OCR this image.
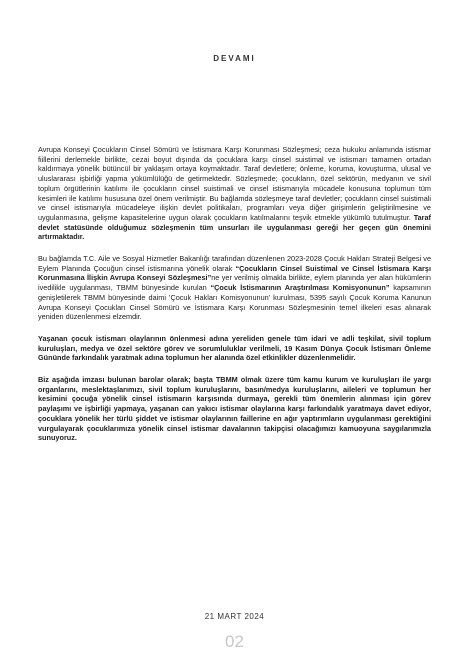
DEVAMI

Avrupa Konseyi Çocukların Cinsel Sömürü ve İstismara Karşı Korunması Sözleşmesi; ceza hukuku anlamında istismar fiillerini derlemekle birlikte, cezai boyut dışında da çocuklara karşı cinsel suistimal ve istismarı tamamen ortadan kaldırmaya yönelik bütüncül bir yaklaşım ortaya koymaktadır. Taraf devletlere; önleme, koruma, kovuşturma, ulusal ve uluslararası işbirliği yapma yükümlülüğü de getirmektedir. Sözleşmede; çocukların, özel sektörün, medyanın ve sivil toplum örgütlerinin katılımı ile çocukların cinsel suistimali ve cinsel istismarıyla mücadele konusuna toplumun tüm kesimleri ile katılımı hususuna özel önem verilmiştir. Bu bağlamda sözleşmeye taraf devletler; çocukların cinsel suistimali ve cinsel istismarıyla mücadeleye ilişkin devlet politikaları, programları veya diğer girişimlerin geliştirilmesine ve uygulanmasına, gelişme kapasitelerine uygun olarak çocukların katılmalarını teşvik etmekle yükümlü tutulmuştur. Taraf devlet statüsünde olduğumuz sözleşmenin tüm unsurları ile uygulanması gereği her geçen gün önemini artırmaktadır.

Bu bağlamda T.C. Aile ve Sosyal Hizmetler Bakanlığı tarafından düzenlenen 2023-2028 Çocuk Hakları Strateji Belgesi ve Eylem Planında Çocuğun cinsel istismarına yönelik olarak “Çocukların Cinsel Suistimal ve Cinsel İstismara Karşı Korunmasına İlişkin Avrupa Konseyi Sözleşmesi”ne yer verilmiş olmakla birlikte, eylem planında yer alan hükümlerin ivedilikle uygulanması, TBMM bünyesinde kurulan “Çocuk İstismarının Araştırılması Komisyonunun” kapsamının genişletilerek TBMM bünyesinde daimi 'Çocuk Hakları Komisyonunun' kurulması, 5395 sayılı Çocuk Koruma Kanunun Avrupa Konseyi Çocukları Cinsel Sömürü ve İstismara Karşı Korunması Sözleşmesinin temel ilkeleri esas alınarak yeniden düzenlenmesi elzemdir.

Yaşanan çocuk istismarı olaylarının önlenmesi adına yereliden genele tüm idari ve adli teşkilat, sivil toplum kuruluşları, medya ve özel sektöre görev ve sorumluluklar verilmeli, 19 Kasım Dünya Çocuk İstismarı Önleme Gününde farkındalık yaratmak adına toplumun her alanında özel etkinlikler düzenlenmelidir.

Biz aşağıda imzası bulunan barolar olarak; başta TBMM olmak üzere tüm kamu kurum ve kuruluşları ile yargı organlarını, meslektaşlarımızı, sivil toplum kuruluşlarını, basın/medya kuruluşlarını, aileleri ve toplumun her kesimini çocuğa yönelik cinsel istismarın karşısında durmaya, gerekli tüm önemlerin alınması için görev paylaşımı ve işbirliği yapmaya, yaşanan can yakıcı istismar olaylarına karşı farkındalık yaratmaya davet ediyor, çocuklara yönelik her türlü şiddet ve istismar olaylarının faillerine en ağır yaptırımların uygulanması gerektiğini vurgulayarak çocuklarımıza yönelik cinsel istismar davalarının takipçisi olacağımızı kamuoyuna saygılarımızla sunuyoruz.

21 MART 2024
02
